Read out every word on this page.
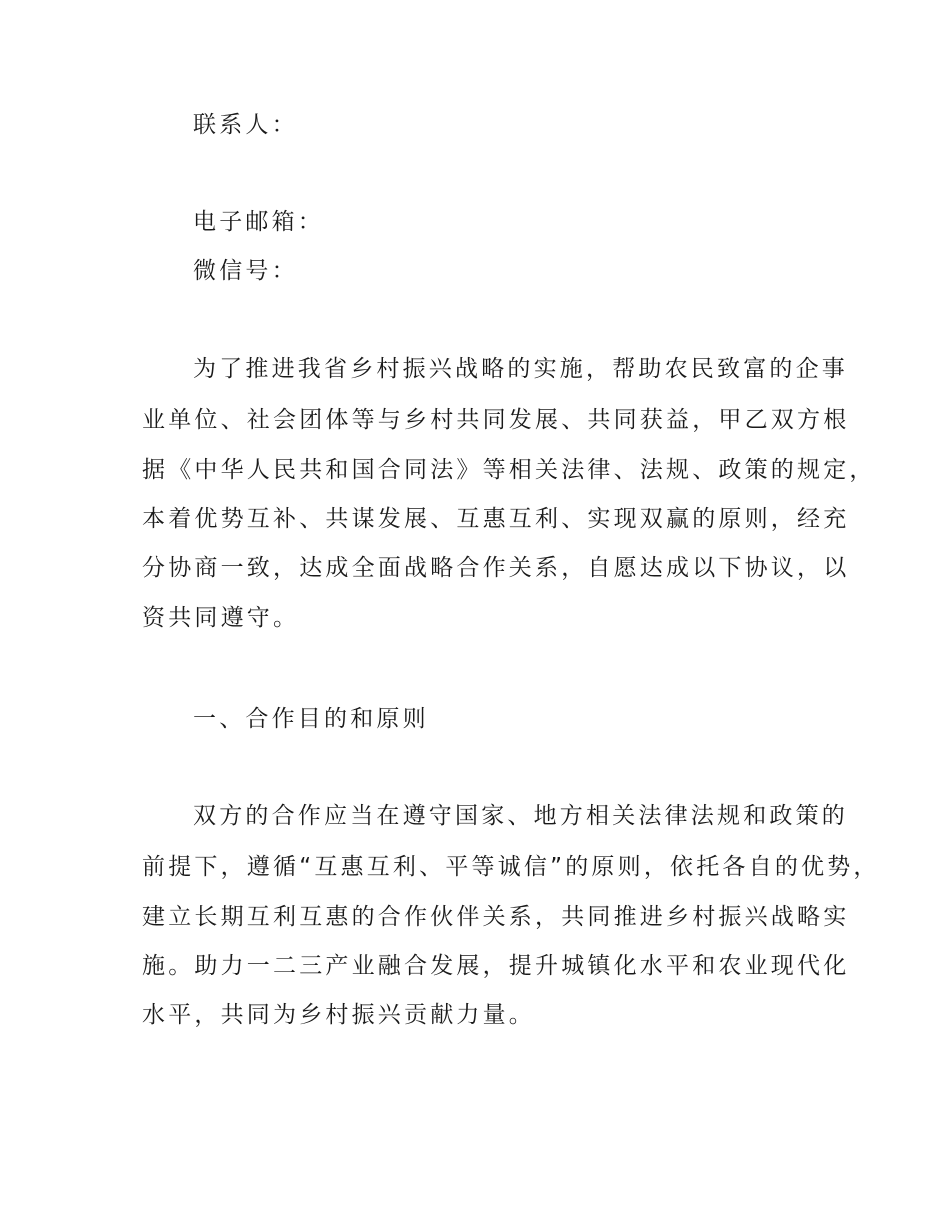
联系人：
电子邮箱：
微信号：
为了推进我省乡村振兴战略的实施，帮助农民致富的企事
业单位、社会团体等与乡村共同发展、共同获益，甲乙双方根
据《中华人民共和国合同法》等相关法律、法规、政策的规定，
本着优势互补、共谋发展、互惠互利、实现双赢的原则，经充
分协商一致，达成全面战略合作关系，自愿达成以下协议，以
资共同遵守。
一、合作目的和原则
双方的合作应当在遵守国家、地方相关法律法规和政策的
前提下，遵循“互惠互利、平等诚信”的原则，依托各自的优势，
建立长期互利互惠的合作伙伴关系，共同推进乡村振兴战略实
施。助力一二三产业融合发展，提升城镇化水平和农业现代化
水平，共同为乡村振兴贡献力量。
